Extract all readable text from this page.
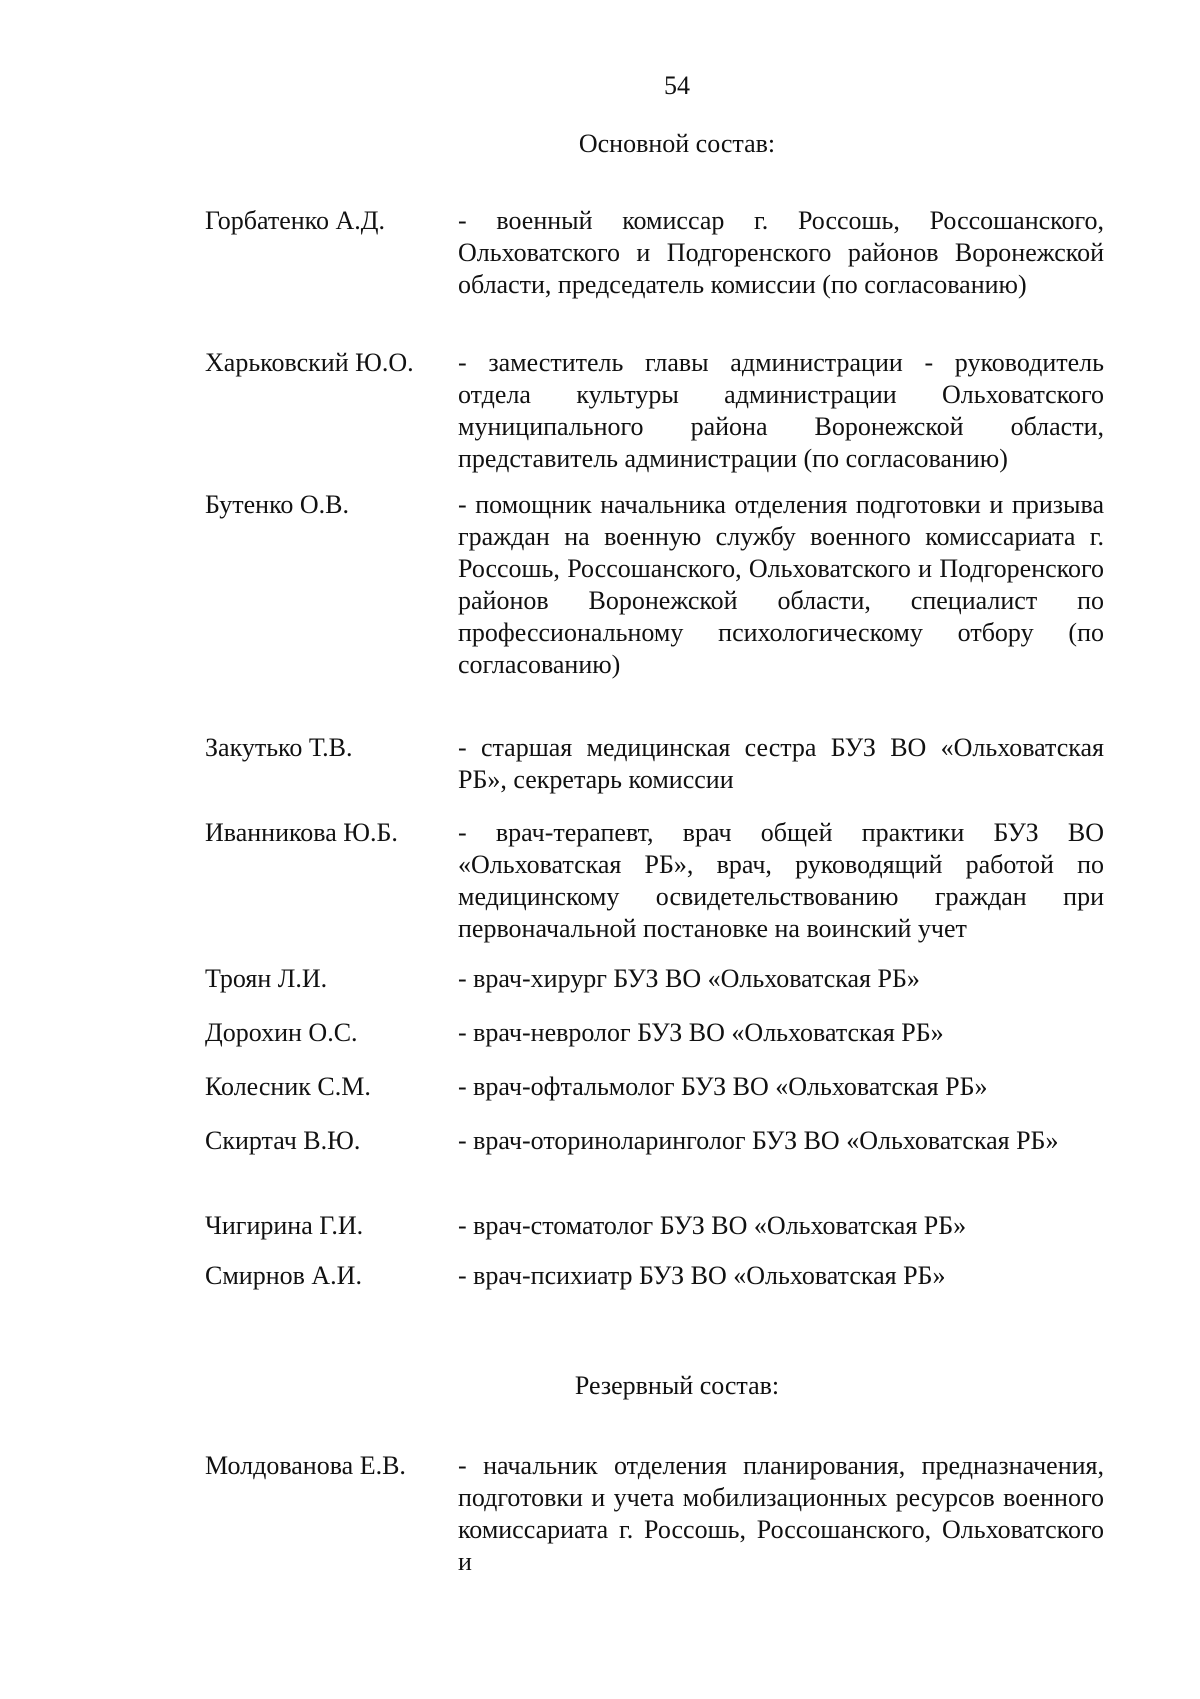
54
Основной состав:
Горбатенко А.Д.	- военный комиссар г. Россошь, Россошанского, Ольховатского и Подгоренского районов Воронежской области, председатель комиссии (по согласованию)
Харьковский Ю.О.	- заместитель главы администрации - руководитель отдела культуры администрации Ольховатского муниципального района Воронежской области, представитель администрации (по согласованию)
Бутенко О.В.	- помощник начальника отделения подготовки и призыва граждан на военную службу военного комиссариата г. Россошь, Россошанского, Ольховатского и Подгоренского районов Воронежской области, специалист по профессиональному психологическому отбору (по согласованию)
Закутько Т.В.	- старшая медицинская сестра БУЗ ВО «Ольховатская РБ», секретарь комиссии
Иванникова Ю.Б.	- врач-терапевт, врач общей практики БУЗ ВО «Ольховатская РБ», врач, руководящий работой по медицинскому освидетельствованию граждан при первоначальной постановке на воинский учет
Троян Л.И.	- врач-хирург БУЗ ВО «Ольховатская РБ»
Дорохин О.С.	- врач-невролог БУЗ ВО «Ольховатская РБ»
Колесник С.М.	- врач-офтальмолог БУЗ ВО «Ольховатская РБ»
Скиртач В.Ю.	- врач-оториноларинголог БУЗ ВО «Ольховатская РБ»
Чигирина Г.И.	- врач-стоматолог БУЗ ВО «Ольховатская РБ»
Смирнов А.И.	- врач-психиатр БУЗ ВО «Ольховатская РБ»
Резервный состав:
Молдованова Е.В.	- начальник отделения планирования, предназначения, подготовки и учета мобилизационных ресурсов военного комиссариата г. Россошь, Россошанского, Ольховатского и
